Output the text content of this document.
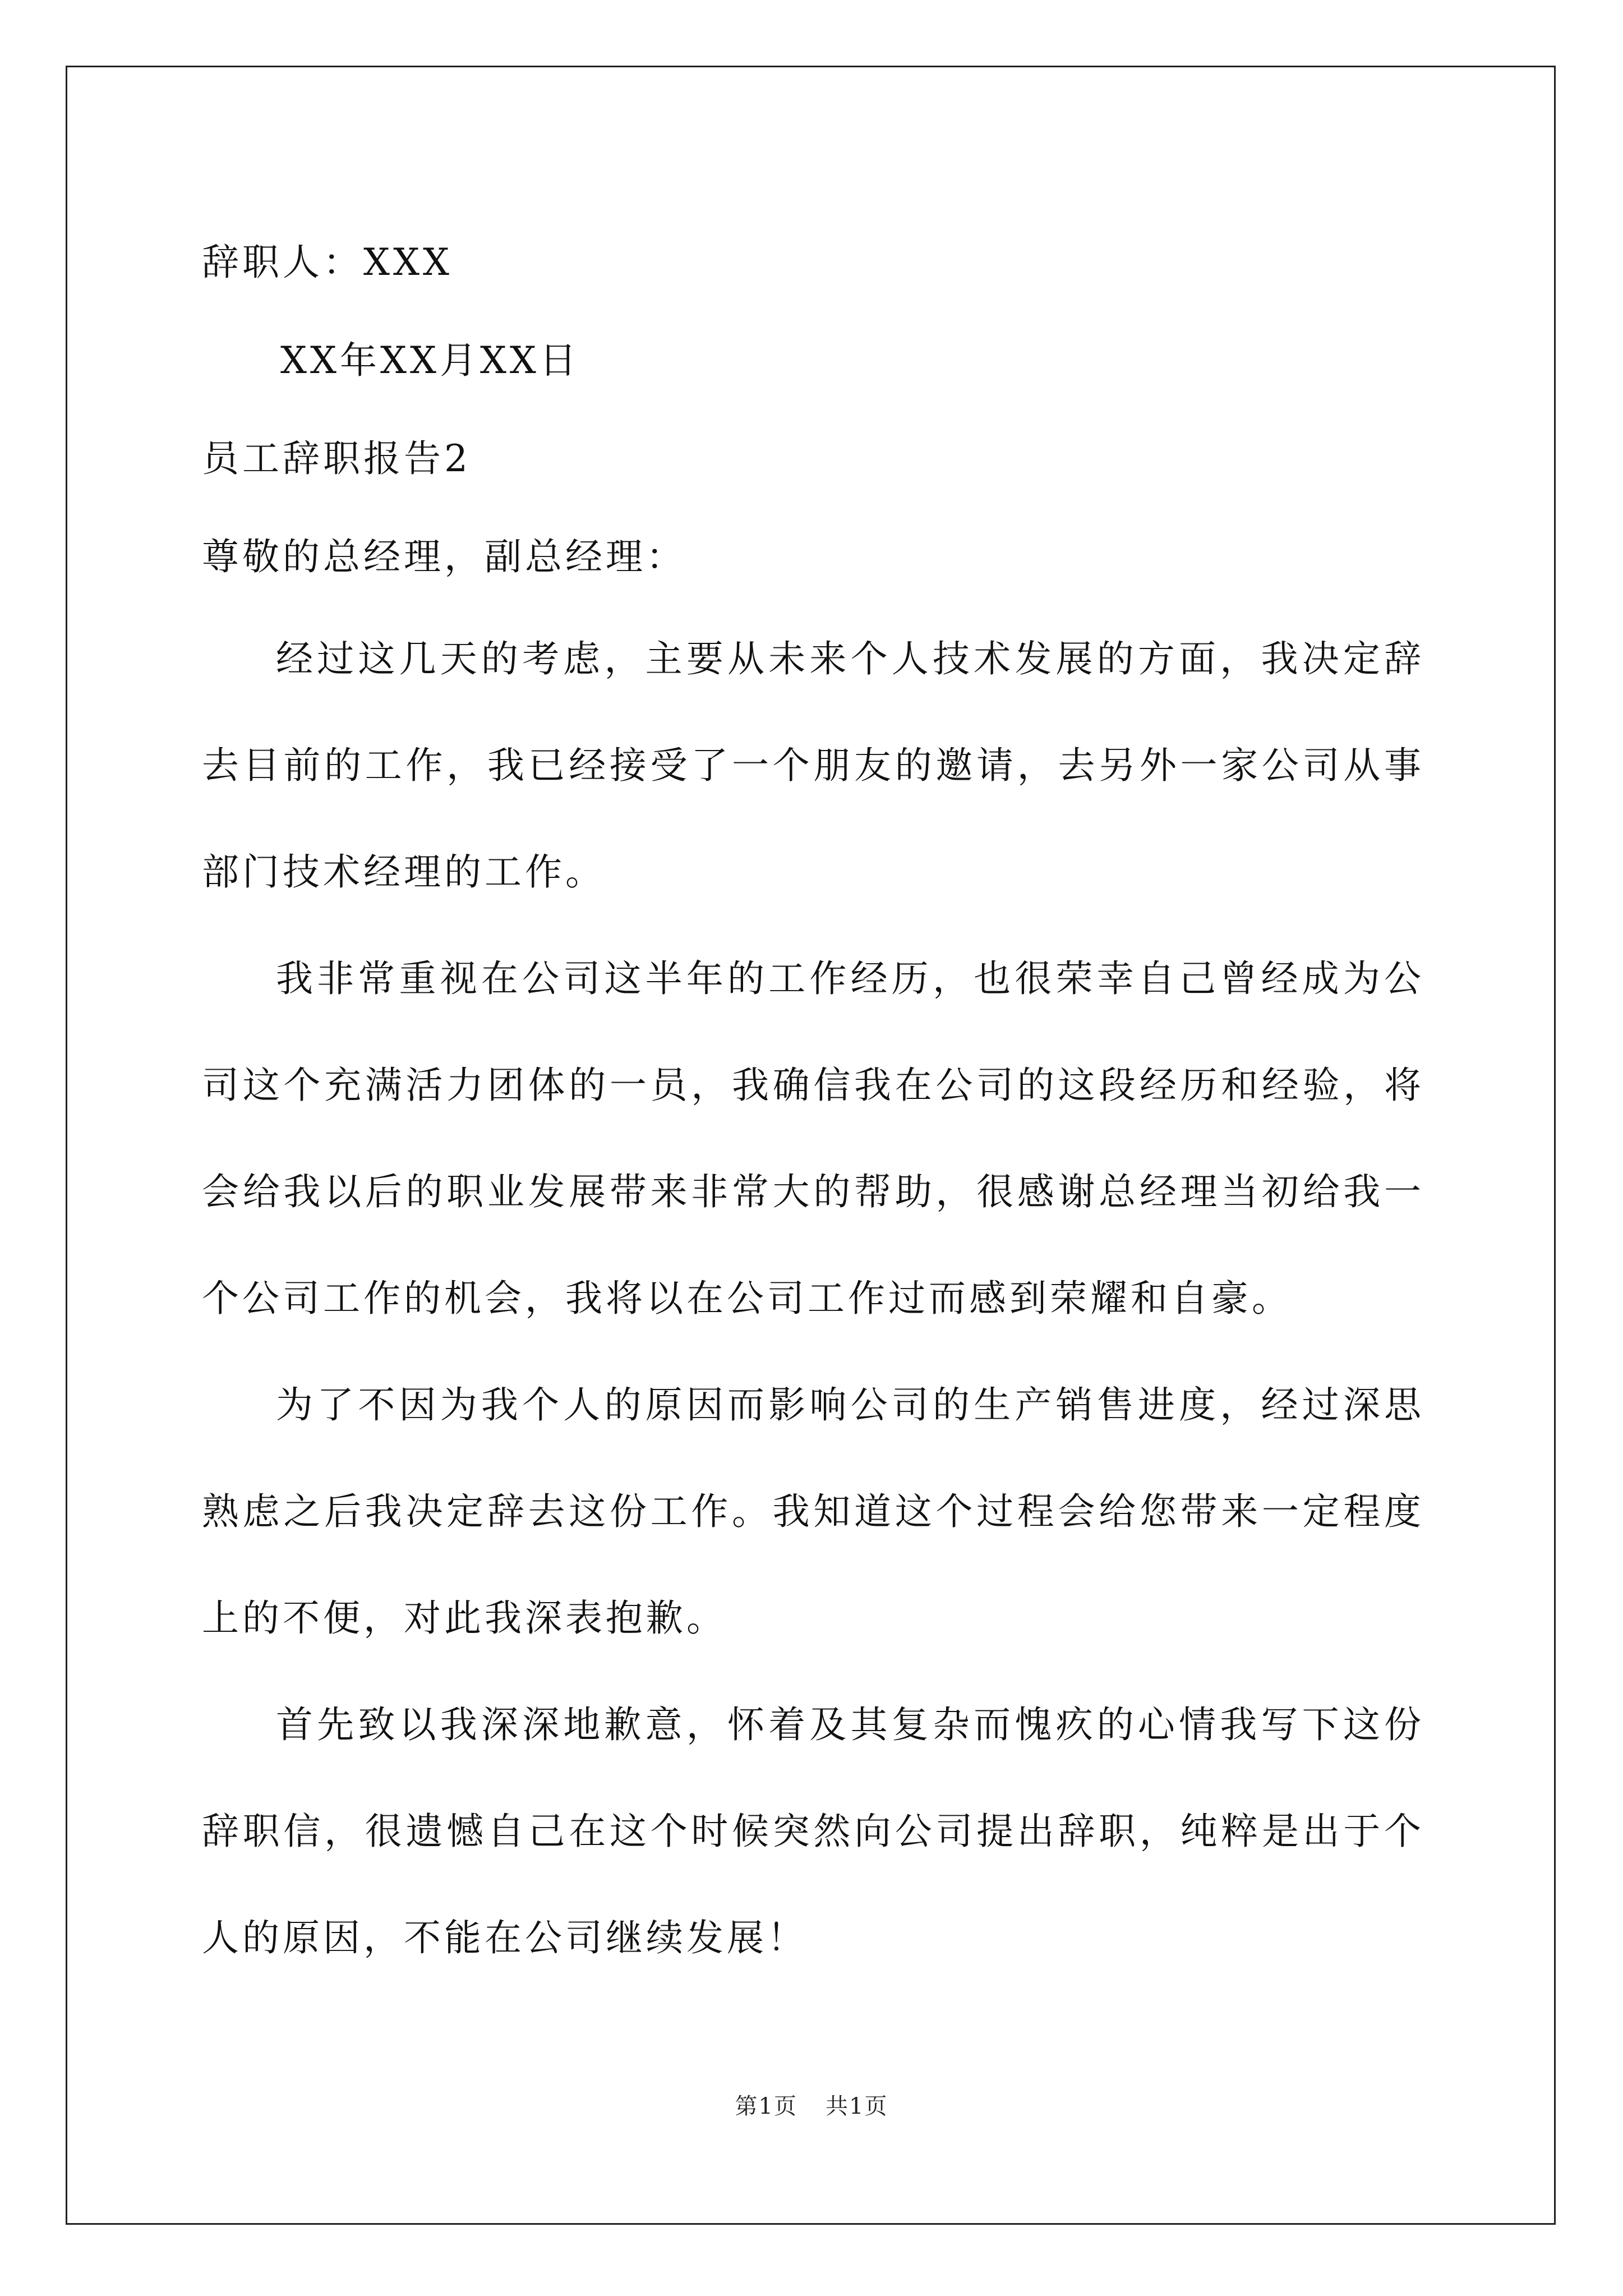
辞职人：XXX
XX年XX月XX日
员工辞职报告2
尊敬的总经理，副总经理：

经过这几天的考虑，主要从未来个人技术发展的方面，我决定辞去目前的工作，我已经接受了一个朋友的邀请，去另外一家公司从事部门技术经理的工作。

我非常重视在公司这半年的工作经历，也很荣幸自己曾经成为公司这个充满活力团体的一员，我确信我在公司的这段经历和经验，将会给我以后的职业发展带来非常大的帮助，很感谢总经理当初给我一个公司工作的机会，我将以在公司工作过而感到荣耀和自豪。

为了不因为我个人的原因而影响公司的生产销售进度，经过深思熟虑之后我决定辞去这份工作。我知道这个过程会给您带来一定程度上的不便，对此我深表抱歉。

首先致以我深深地歉意，怀着及其复杂而愧疚的心情我写下这份辞职信，很遗憾自己在这个时候突然向公司提出辞职，纯粹是出于个人的原因，不能在公司继续发展！

第1页 共1页
